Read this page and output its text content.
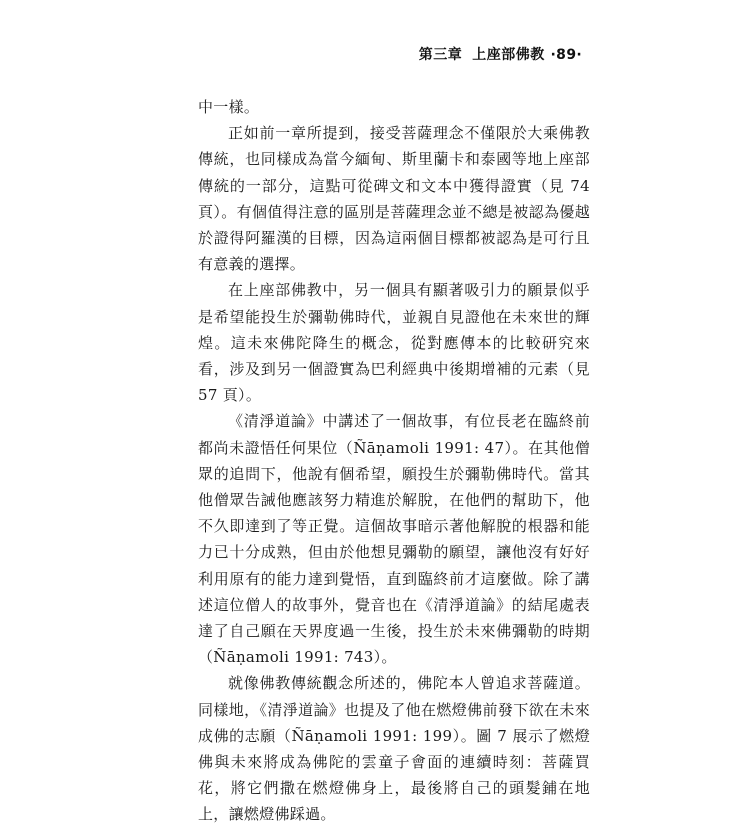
第三章 上座部佛教 ‧89‧

中一樣。

正如前一章所提到，接受菩薩理念不僅限於大乘佛教傳統，也同樣成為當今緬甸、斯里蘭卡和泰國等地上座部傳統的一部分，這點可從碑文和文本中獲得證實（見 74 頁）。有個值得注意的區別是菩薩理念並不總是被認為優越於證得阿羅漢的目標，因為這兩個目標都被認為是可行且有意義的選擇。

在上座部佛教中，另一個具有顯著吸引力的願景似乎是希望能投生於彌勒佛時代，並親自見證他在未來世的輝煌。這未來佛陀降生的概念，從對應傳本的比較研究來看，涉及到另一個證實為巴利經典中後期增補的元素（見 57 頁）。

《清淨道論》中講述了一個故事，有位長老在臨終前都尚未證悟任何果位（Ñāṇamoli 1991: 47）。在其他僧眾的追問下，他說有個希望，願投生於彌勒佛時代。當其他僧眾告誡他應該努力精進於解脫，在他們的幫助下，他不久即達到了等正覺。這個故事暗示著他解脫的根器和能力已十分成熟，但由於他想見彌勒的願望，讓他沒有好好利用原有的能力達到覺悟，直到臨終前才這麼做。除了講述這位僧人的故事外，覺音也在《清淨道論》的結尾處表達了自己願在天界度過一生後，投生於未來佛彌勒的時期（Ñāṇamoli 1991: 743）。

就像佛教傳統觀念所述的，佛陀本人曾追求菩薩道。同樣地，《清淨道論》也提及了他在燃燈佛前發下欲在未來成佛的志願（Ñāṇamoli 1991: 199）。圖 7 展示了燃燈佛與未來將成為佛陀的雲童子會面的連續時刻：菩薩買花，將它們撒在燃燈佛身上，最後將自己的頭髮鋪在地上，讓燃燈佛踩過。
